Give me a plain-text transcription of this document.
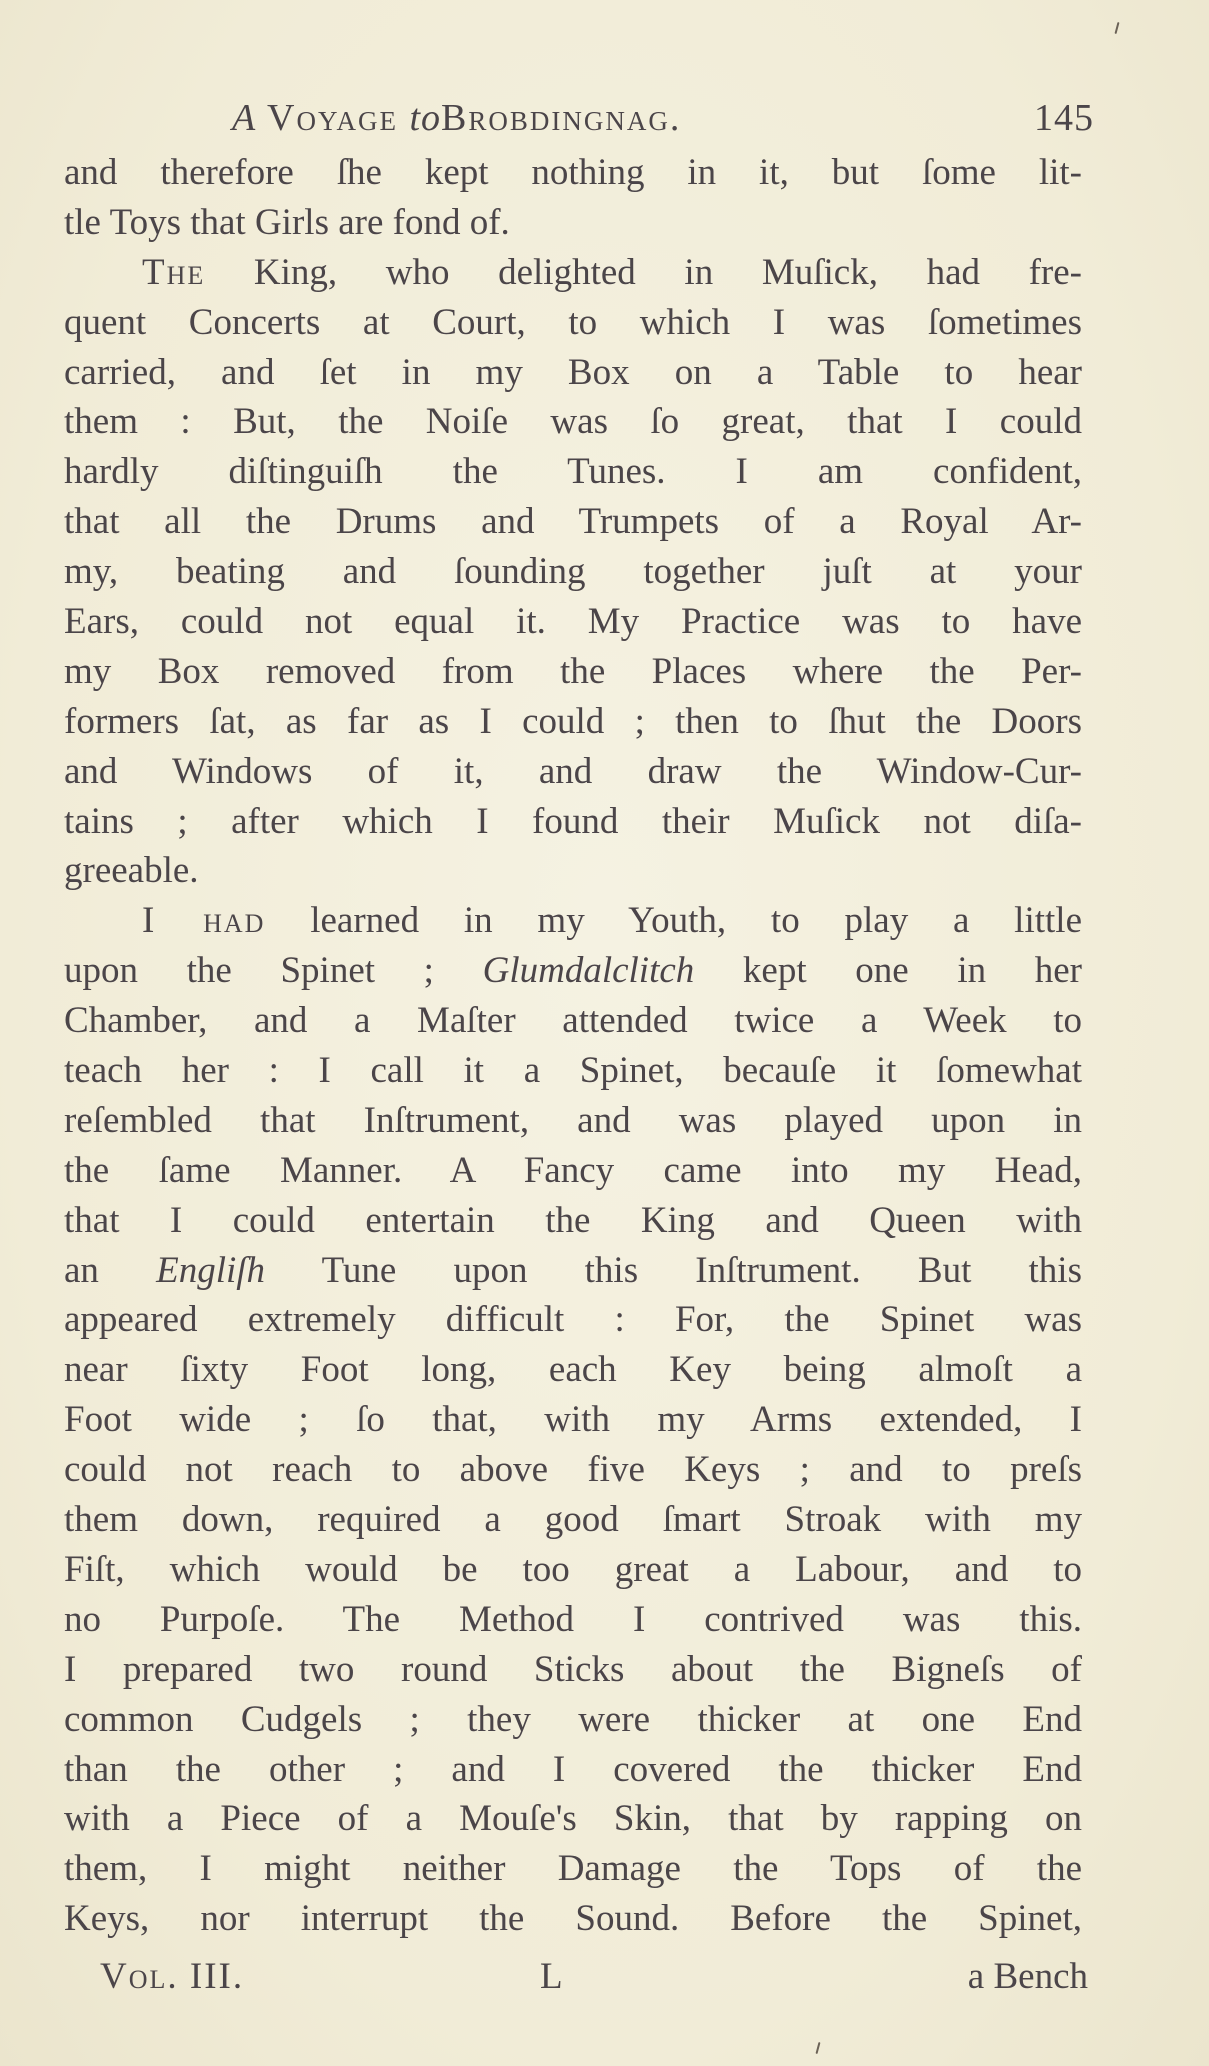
A Voyage toBrobdingnag.	145
and therefore ſhe kept nothing in it, but ſome lit-
tle Toys that Girls are fond of.
The King, who delighted in Muſick, had fre-
quent Concerts at Court, to which I was ſometimes
carried, and ſet in my Box on a Table to hear
them : But, the Noiſe was ſo great, that I could
hardly diſtinguiſh the Tunes. I am confident,
that all the Drums and Trumpets of a Royal Ar-
my, beating and ſounding together juſt at your
Ears, could not equal it. My Practice was to have
my Box removed from the Places where the Per-
formers ſat, as far as I could ; then to ſhut the Doors
and Windows of it, and draw the Window-Cur-
tains ; after which I found their Muſick not diſa-
greeable.
I had learned in my Youth, to play a little
upon the Spinet ; Glumdalclitch kept one in her
Chamber, and a Maſter attended twice a Week to
teach her : I call it a Spinet, becauſe it ſomewhat
reſembled that Inſtrument, and was played upon in
the ſame Manner. A Fancy came into my Head,
that I could entertain the King and Queen with
an Engliſh Tune upon this Inſtrument. But this
appeared extremely difficult : For, the Spinet was
near ſixty Foot long, each Key being almoſt a
Foot wide ; ſo that, with my Arms extended, I
could not reach to above five Keys ; and to preſs
them down, required a good ſmart Stroak with my
Fiſt, which would be too great a Labour, and to
no Purpoſe. The Method I contrived was this.
I prepared two round Sticks about the Bigneſs of
common Cudgels ; they were thicker at one End
than the other ; and I covered the thicker End
with a Piece of a Mouſe's Skin, that by rapping on
them, I might neither Damage the Tops of the
Keys, nor interrupt the Sound. Before the Spinet,
Vol. III.	L	a Bench
